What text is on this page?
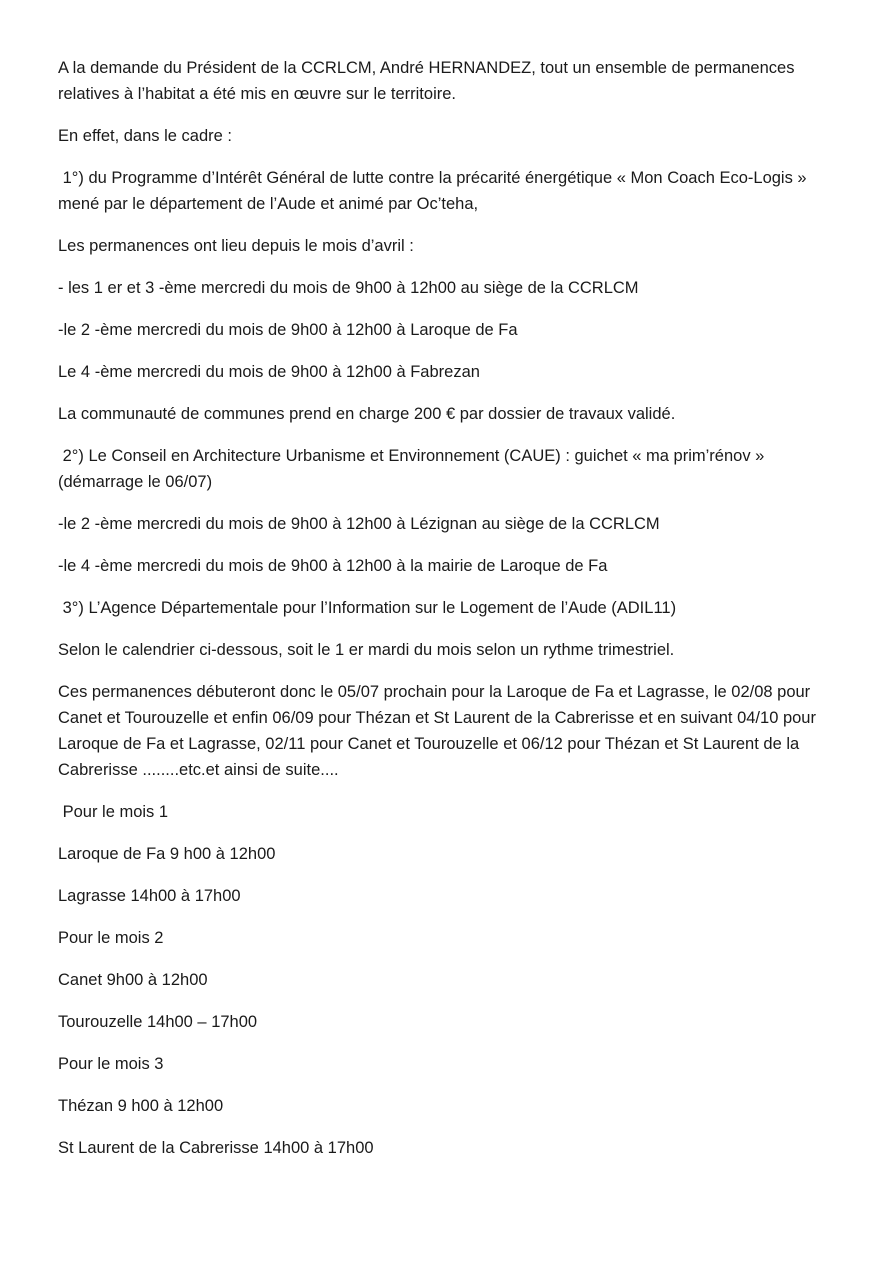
A la demande du Président de la CCRLCM, André HERNANDEZ, tout un ensemble de permanences relatives à l’habitat a été mis en œuvre sur le territoire.

En effet, dans le cadre :

1°) du Programme d’Intérêt Général de lutte contre la précarité énergétique « Mon Coach Eco-Logis »  mené par le département de l’Aude et animé par Oc’teha,

Les permanences ont lieu depuis le mois d’avril :

- les 1 er et 3 -ème mercredi du mois de 9h00 à 12h00 au siège de la CCRLCM

-le 2 -ème mercredi du mois de 9h00 à 12h00 à Laroque de Fa

Le 4 -ème mercredi du mois de 9h00 à 12h00 à Fabrezan

La communauté de communes prend en charge 200 € par dossier de travaux validé.

2°) Le Conseil en Architecture Urbanisme et Environnement (CAUE) : guichet « ma prim’rénov » (démarrage le 06/07)

-le 2 -ème mercredi du mois de 9h00 à 12h00 à Lézignan au siège de la CCRLCM

-le 4 -ème mercredi du mois de 9h00 à 12h00 à la mairie de Laroque de Fa

3°) L’Agence Départementale pour l’Information sur le Logement de l’Aude (ADIL11)

Selon le calendrier ci-dessous, soit le 1 er mardi du mois selon un rythme trimestriel.

Ces permanences débuteront donc le 05/07 prochain pour la Laroque de Fa et Lagrasse, le 02/08 pour Canet et Tourouzelle et enfin 06/09 pour Thézan et St Laurent de la Cabrerisse et en suivant 04/10 pour Laroque de Fa et Lagrasse, 02/11 pour Canet et Tourouzelle et 06/12 pour Thézan et St Laurent de la Cabrerisse ........etc.et ainsi de suite....

Pour le mois 1

Laroque de Fa 9 h00 à 12h00

Lagrasse 14h00 à 17h00

Pour le mois 2

Canet 9h00 à 12h00

Tourouzelle 14h00 – 17h00

Pour le mois 3

Thézan 9 h00 à 12h00

St Laurent de la Cabrerisse 14h00 à 17h00
